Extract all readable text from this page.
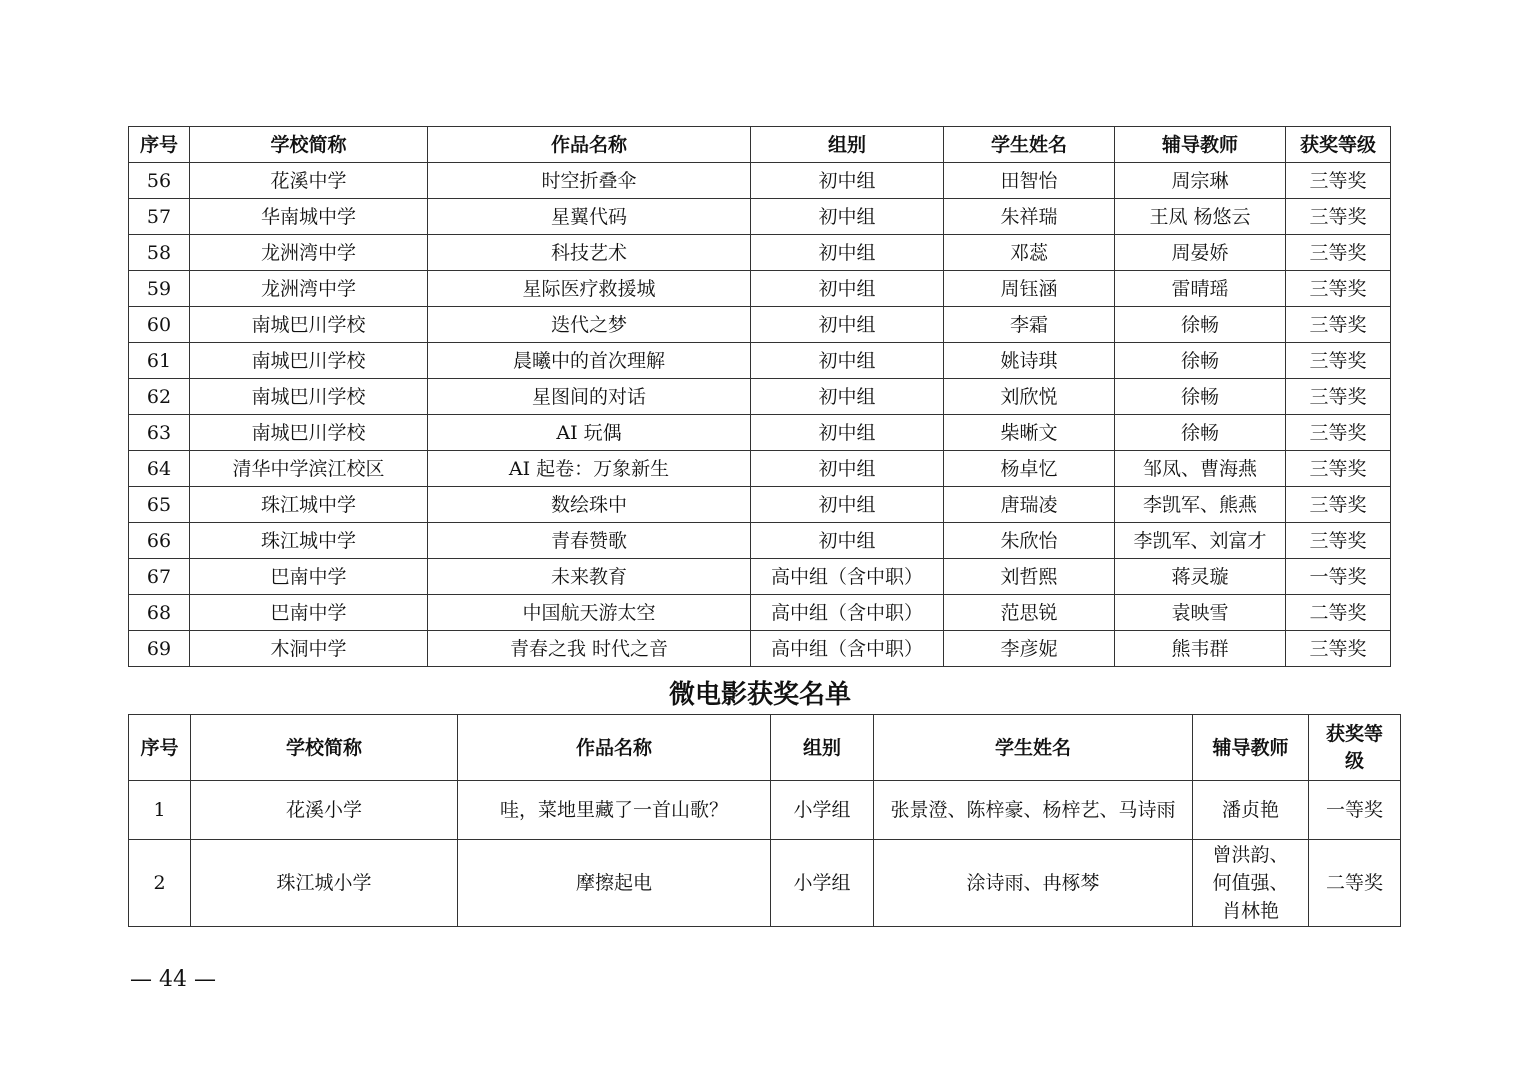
序号	学校简称	作品名称	组别	学生姓名	辅导教师	获奖等级
56	花溪中学	时空折叠伞	初中组	田智怡	周宗琳	三等奖
57	华南城中学	星翼代码	初中组	朱祥瑞	王凤 杨悠云	三等奖
58	龙洲湾中学	科技艺术	初中组	邓蕊	周晏娇	三等奖
59	龙洲湾中学	星际医疗救援城	初中组	周钰涵	雷晴瑶	三等奖
60	南城巴川学校	迭代之梦	初中组	李霜	徐畅	三等奖
61	南城巴川学校	晨曦中的首次理解	初中组	姚诗琪	徐畅	三等奖
62	南城巴川学校	星图间的对话	初中组	刘欣悦	徐畅	三等奖
63	南城巴川学校	AI 玩偶	初中组	柴晰文	徐畅	三等奖
64	清华中学滨江校区	AI 起卷：万象新生	初中组	杨卓忆	邹凤、曹海燕	三等奖
65	珠江城中学	数绘珠中	初中组	唐瑞凌	李凯军、熊燕	三等奖
66	珠江城中学	青春赞歌	初中组	朱欣怡	李凯军、刘富才	三等奖
67	巴南中学	未来教育	高中组（含中职）	刘哲熙	蒋灵璇	一等奖
68	巴南中学	中国航天游太空	高中组（含中职）	范思锐	袁映雪	二等奖
69	木洞中学	青春之我 时代之音	高中组（含中职）	李彦妮	熊韦群	三等奖
微电影获奖名单
序号	学校简称	作品名称	组别	学生姓名	辅导教师	获奖等级
1	花溪小学	哇，菜地里藏了一首山歌？	小学组	张景澄、陈梓豪、杨梓艺、马诗雨	潘贞艳	一等奖
2	珠江城小学	摩擦起电	小学组	涂诗雨、冉椓棽	曾洪韵、何值强、肖林艳	二等奖
— 44 —
